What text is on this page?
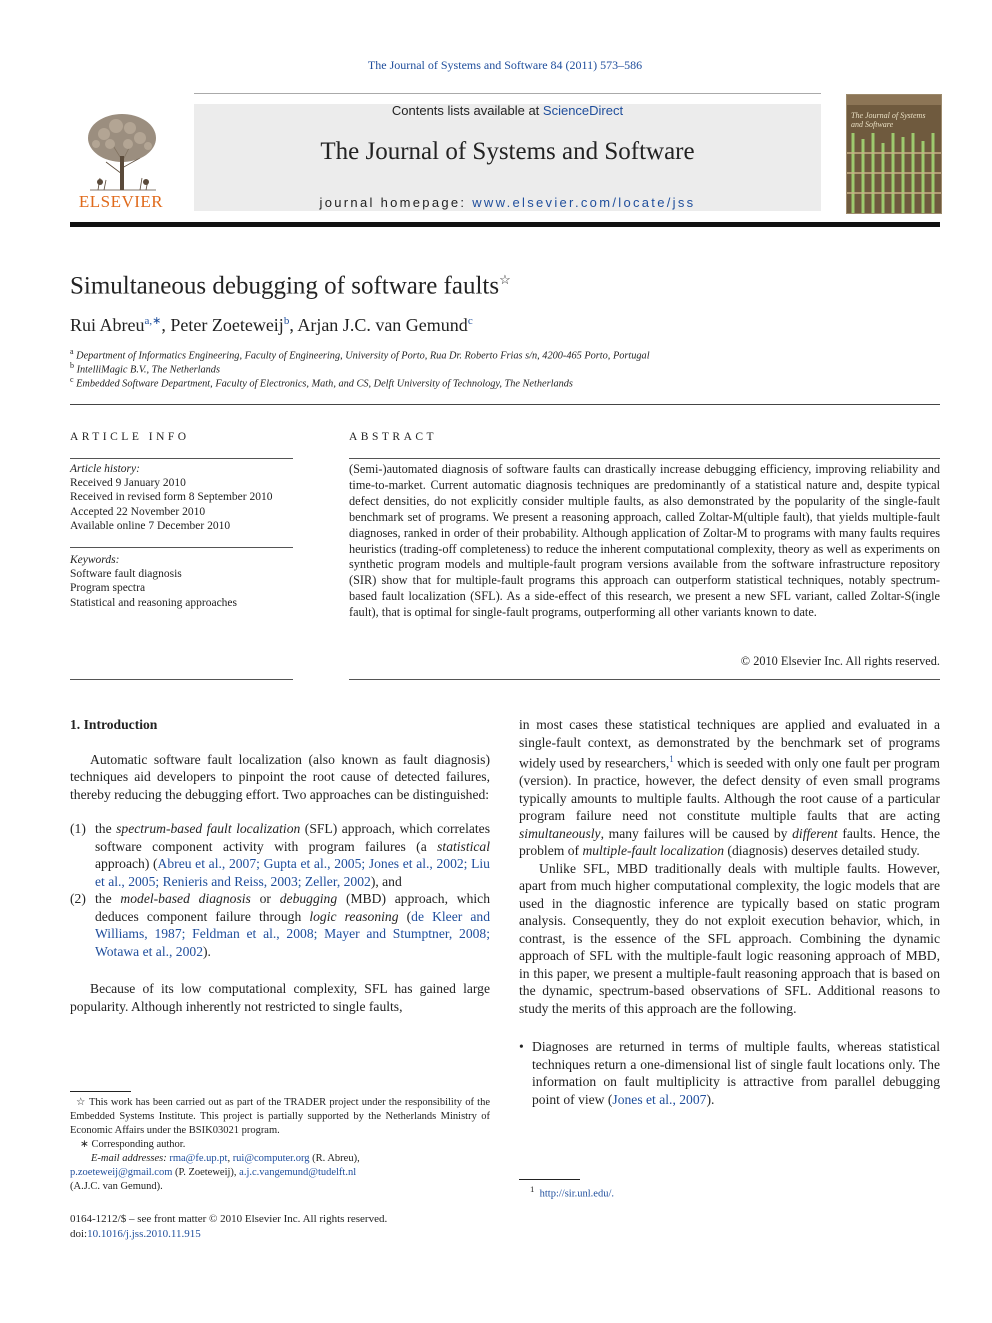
The Journal of Systems and Software 84 (2011) 573–586
Contents lists available at ScienceDirect
The Journal of Systems and Software
journal homepage: www.elsevier.com/locate/jss
ELSEVIER
The Journal of Systems and Software
Simultaneous debugging of software faults☆
Rui Abreu$^{a,∗}$, Peter Zoeteweij$^b$, Arjan J.C. van Gemund$^c$
$^a$ Department of Informatics Engineering, Faculty of Engineering, University of Porto, Rua Dr. Roberto Frias s/n, 4200-465 Porto, Portugal
$^b$ IntelliMagic B.V., The Netherlands
$^c$ Embedded Software Department, Faculty of Electronics, Math, and CS, Delft University of Technology, The Netherlands
ARTICLE INFO
Article history:
Received 9 January 2010
Received in revised form 8 September 2010
Accepted 22 November 2010
Available online 7 December 2010
Keywords:
Software fault diagnosis
Program spectra
Statistical and reasoning approaches
ABSTRACT
(Semi-)automated diagnosis of software faults can drastically increase debugging efficiency, improving reliability and time-to-market. Current automatic diagnosis techniques are predominantly of a statistical nature and, despite typical defect densities, do not explicitly consider multiple faults, as also demonstrated by the popularity of the single-fault benchmark set of programs. We present a reasoning approach, called Zoltar-M(ultiple fault), that yields multiple-fault diagnoses, ranked in order of their probability. Although application of Zoltar-M to programs with many faults requires heuristics (trading-off completeness) to reduce the inherent computational complexity, theory as well as experiments on synthetic program models and multiple-fault program versions available from the software infrastructure repository (SIR) show that for multiple-fault programs this approach can outperform statistical techniques, notably spectrum-based fault localization (SFL). As a side-effect of this research, we present a new SFL variant, called Zoltar-S(ingle fault), that is optimal for single-fault programs, outperforming all other variants known to date.
© 2010 Elsevier Inc. All rights reserved.
1. Introduction

Automatic software fault localization (also known as fault diagnosis) techniques aid developers to pinpoint the root cause of detected failures, thereby reducing the debugging effort. Two approaches can be distinguished:

(1) the spectrum-based fault localization (SFL) approach, which correlates software component activity with program failures (a statistical approach) (Abreu et al., 2007; Gupta et al., 2005; Jones et al., 2002; Liu et al., 2005; Renieris and Reiss, 2003; Zeller, 2002), and
(2) the model-based diagnosis or debugging (MBD) approach, which deduces component failure through logic reasoning (de Kleer and Williams, 1987; Feldman et al., 2008; Mayer and Stumptner, 2008; Wotawa et al., 2002).

Because of its low computational complexity, SFL has gained large popularity. Although inherently not restricted to single faults,

in most cases these statistical techniques are applied and evaluated in a single-fault context, as demonstrated by the benchmark set of programs widely used by researchers,$^1$ which is seeded with only one fault per program (version). In practice, however, the defect density of even small programs typically amounts to multiple faults. Although the root cause of a particular program failure need not constitute multiple faults that are acting simultaneously, many failures will be caused by different faults. Hence, the problem of multiple-fault localization (diagnosis) deserves detailed study.

Unlike SFL, MBD traditionally deals with multiple faults. However, apart from much higher computational complexity, the logic models that are used in the diagnostic inference are typically based on static program analysis. Consequently, they do not exploit execution behavior, which, in contrast, is the essence of the SFL approach. Combining the dynamic approach of SFL with the multiple-fault logic reasoning approach of MBD, in this paper, we present a multiple-fault reasoning approach that is based on the dynamic, spectrum-based observations of SFL. Additional reasons to study the merits of this approach are the following.

• Diagnoses are returned in terms of multiple faults, whereas statistical techniques return a one-dimensional list of single fault locations only. The information on fault multiplicity is attractive from parallel debugging point of view (Jones et al., 2007).
☆ This work has been carried out as part of the TRADER project under the responsibility of the Embedded Systems Institute. This project is partially supported by the Netherlands Ministry of Economic Affairs under the BSIK03021 program.
∗ Corresponding author.
E-mail addresses: rma@fe.up.pt, rui@computer.org (R. Abreu),
p.zoeteweij@gmail.com (P. Zoeteweij), a.j.c.vangemund@tudelft.nl
(A.J.C. van Gemund).	$^1$ http://sir.unl.edu/.
0164-1212/$ – see front matter © 2010 Elsevier Inc. All rights reserved.
doi:10.1016/j.jss.2010.11.915
